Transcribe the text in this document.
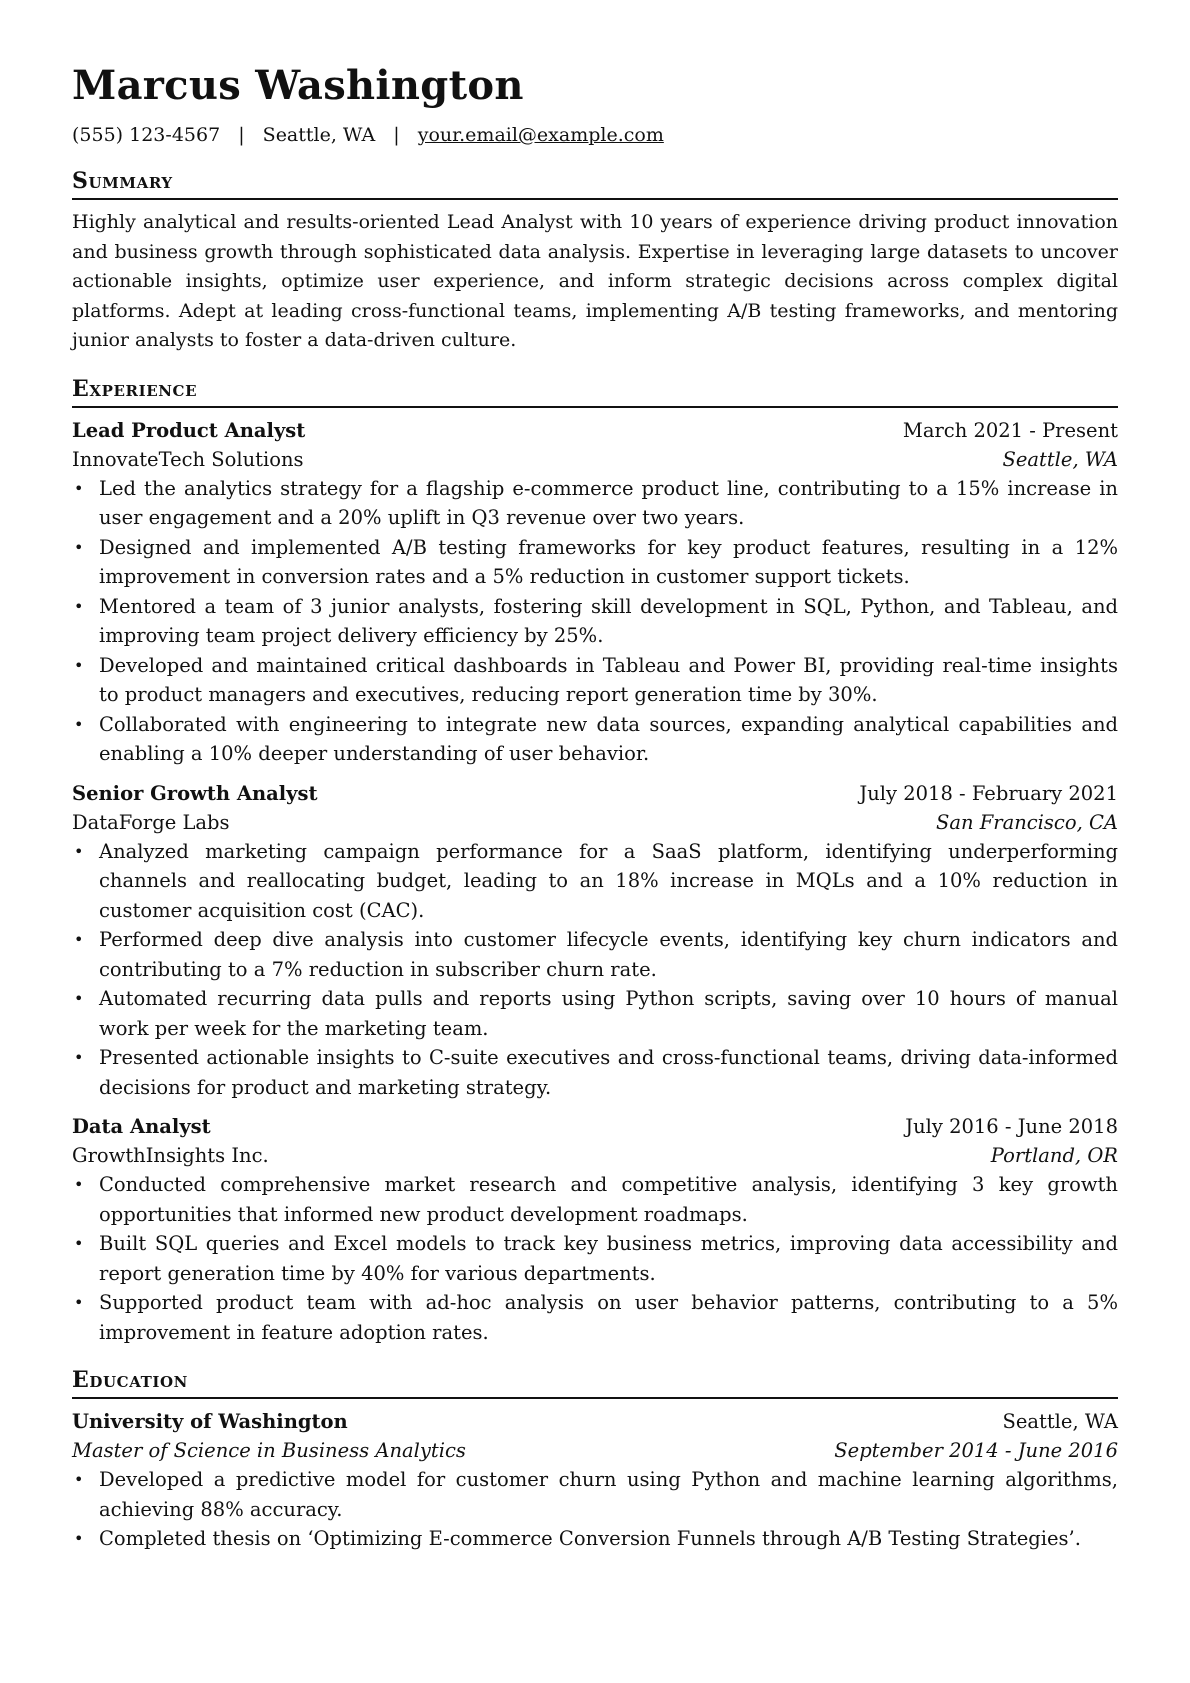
Marcus Washington
(555) 123-4567 | Seattle, WA | your.email@example.com
Summary
Highly analytical and results-oriented Lead Analyst with 10 years of experience driving product innovation and business growth through sophisticated data analysis. Expertise in leveraging large datasets to uncover actionable insights, optimize user experience, and inform strategic decisions across complex digital platforms. Adept at leading cross-functional teams, implementing A/B testing frameworks, and mentoring junior analysts to foster a data-driven culture.
Experience
Lead Product Analyst	March 2021 - Present
InnovateTech Solutions	Seattle, WA
• Led the analytics strategy for a flagship e-commerce product line, contributing to a 15% increase in user engagement and a 20% uplift in Q3 revenue over two years.
• Designed and implemented A/B testing frameworks for key product features, resulting in a 12% improvement in conversion rates and a 5% reduction in customer support tickets.
• Mentored a team of 3 junior analysts, fostering skill development in SQL, Python, and Tableau, and improving team project delivery efficiency by 25%.
• Developed and maintained critical dashboards in Tableau and Power BI, providing real-time insights to product managers and executives, reducing report generation time by 30%.
• Collaborated with engineering to integrate new data sources, expanding analytical capabilities and enabling a 10% deeper understanding of user behavior.
Senior Growth Analyst	July 2018 - February 2021
DataForge Labs	San Francisco, CA
• Analyzed marketing campaign performance for a SaaS platform, identifying underperforming channels and reallocating budget, leading to an 18% increase in MQLs and a 10% reduction in customer acquisition cost (CAC).
• Performed deep dive analysis into customer lifecycle events, identifying key churn indicators and contributing to a 7% reduction in subscriber churn rate.
• Automated recurring data pulls and reports using Python scripts, saving over 10 hours of manual work per week for the marketing team.
• Presented actionable insights to C-suite executives and cross-functional teams, driving data-informed decisions for product and marketing strategy.
Data Analyst	July 2016 - June 2018
GrowthInsights Inc.	Portland, OR
• Conducted comprehensive market research and competitive analysis, identifying 3 key growth opportunities that informed new product development roadmaps.
• Built SQL queries and Excel models to track key business metrics, improving data accessibility and report generation time by 40% for various departments.
• Supported product team with ad-hoc analysis on user behavior patterns, contributing to a 5% improvement in feature adoption rates.
Education
University of Washington	Seattle, WA
Master of Science in Business Analytics	September 2014 - June 2016
• Developed a predictive model for customer churn using Python and machine learning algorithms, achieving 88% accuracy.
• Completed thesis on ‘Optimizing E-commerce Conversion Funnels through A/B Testing Strategies’.
